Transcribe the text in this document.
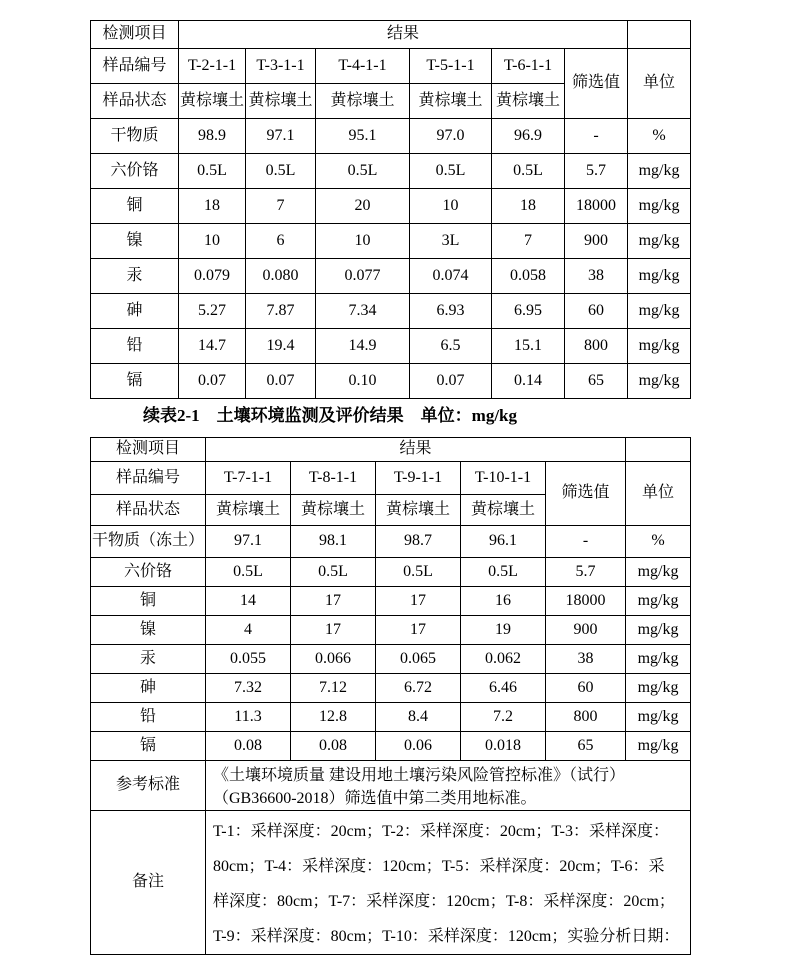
检测项目	结果						
样品编号	T-2-1-1	T-3-1-1	T-4-1-1	T-5-1-1	T-6-1-1	筛选值	单位
样品状态	黄棕壤土	黄棕壤土	黄棕壤土	黄棕壤土	黄棕壤土		
干物质	98.9	97.1	95.1	97.0	96.9	-	%
六价铬	0.5L	0.5L	0.5L	0.5L	0.5L	5.7	mg/kg
铜	18	7	20	10	18	18000	mg/kg
镍	10	6	10	3L	7	900	mg/kg
汞	0.079	0.080	0.077	0.074	0.058	38	mg/kg
砷	5.27	7.87	7.34	6.93	6.95	60	mg/kg
铅	14.7	19.4	14.9	6.5	15.1	800	mg/kg
镉	0.07	0.07	0.10	0.07	0.14	65	mg/kg
续表2-1　土壤环境监测及评价结果　单位：mg/kg
检测项目	结果					
样品编号	T-7-1-1	T-8-1-1	T-9-1-1	T-10-1-1	筛选值	单位
样品状态	黄棕壤土	黄棕壤土	黄棕壤土	黄棕壤土		
干物质（冻土）	97.1	98.1	98.7	96.1	-	%
六价铬	0.5L	0.5L	0.5L	0.5L	5.7	mg/kg
铜	14	17	17	16	18000	mg/kg
镍	4	17	17	19	900	mg/kg
汞	0.055	0.066	0.065	0.062	38	mg/kg
砷	7.32	7.12	6.72	6.46	60	mg/kg
铅	11.3	12.8	8.4	7.2	800	mg/kg
镉	0.08	0.08	0.06	0.018	65	mg/kg
参考标准	《土壤环境质量 建设用地土壤污染风险管控标准》（试行）
（GB36600-2018）筛选值中第二类用地标准。					

备注	T-1：采样深度：20cm；T-2：采样深度：20cm；T-3：采样深度：
80cm；T-4：采样深度：120cm；T-5：采样深度：20cm；T-6：采
样深度：80cm；T-7：采样深度：120cm；T-8：采样深度：20cm；
T-9：采样深度：80cm；T-10：采样深度：120cm；实验分析日期：					
